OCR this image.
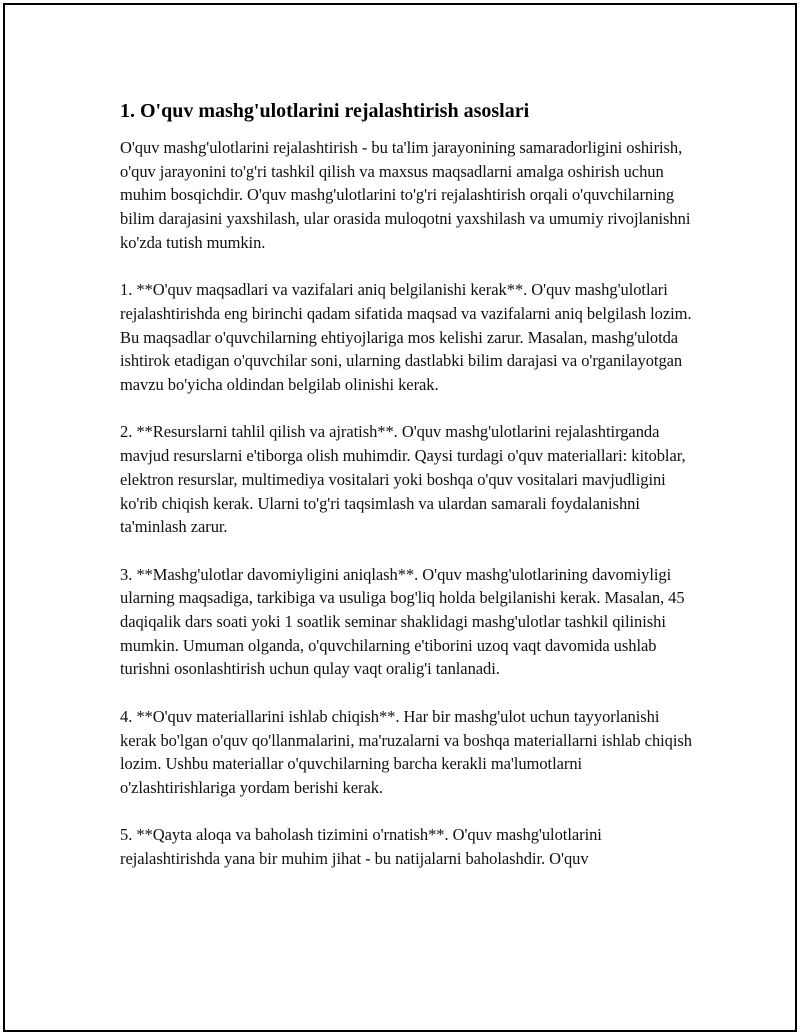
1. O'quv mashg'ulotlarini rejalashtirish asoslari

O'quv mashg'ulotlarini rejalashtirish - bu ta'lim jarayonining samaradorligini oshirish, o'quv jarayonini to'g'ri tashkil qilish va maxsus maqsadlarni amalga oshirish uchun muhim bosqichdir. O'quv mashg'ulotlarini to'g'ri rejalashtirish orqali o'quvchilarning bilim darajasini yaxshilash, ular orasida muloqotni yaxshilash va umumiy rivojlanishni ko'zda tutish mumkin.

1. **O'quv maqsadlari va vazifalari aniq belgilanishi kerak**. O'quv mashg'ulotlari rejalashtirishda eng birinchi qadam sifatida maqsad va vazifalarni aniq belgilash lozim. Bu maqsadlar o'quvchilarning ehtiyojlariga mos kelishi zarur. Masalan, mashg'ulotda ishtirok etadigan o'quvchilar soni, ularning dastlabki bilim darajasi va o'rganilayotgan mavzu bo'yicha oldindan belgilab olinishi kerak.

2. **Resurslarni tahlil qilish va ajratish**. O'quv mashg'ulotlarini rejalashtirganda mavjud resurslarni e'tiborga olish muhimdir. Qaysi turdagi o'quv materiallari: kitoblar, elektron resurslar, multimediya vositalari yoki boshqa o'quv vositalari mavjudligini ko'rib chiqish kerak. Ularni to'g'ri taqsimlash va ulardan samarali foydalanishni ta'minlash zarur.

3. **Mashg'ulotlar davomiyligini aniqlash**. O'quv mashg'ulotlarining davomiyligi ularning maqsadiga, tarkibiga va usuliga bog'liq holda belgilanishi kerak. Masalan, 45 daqiqalik dars soati yoki 1 soatlik seminar shaklidagi mashg'ulotlar tashkil qilinishi mumkin. Umuman olganda, o'quvchilarning e'tiborini uzoq vaqt davomida ushlab turishni osonlashtirish uchun qulay vaqt oralig'i tanlanadi.

4. **O'quv materiallarini ishlab chiqish**. Har bir mashg'ulot uchun tayyorlanishi kerak bo'lgan o'quv qo'llanmalarini, ma'ruzalarni va boshqa materiallarni ishlab chiqish lozim. Ushbu materiallar o'quvchilarning barcha kerakli ma'lumotlarni o'zlashtirishlariga yordam berishi kerak.

5. **Qayta aloqa va baholash tizimini o'rnatish**. O'quv mashg'ulotlarini rejalashtirishda yana bir muhim jihat - bu natijalarni baholashdir. O'quv
